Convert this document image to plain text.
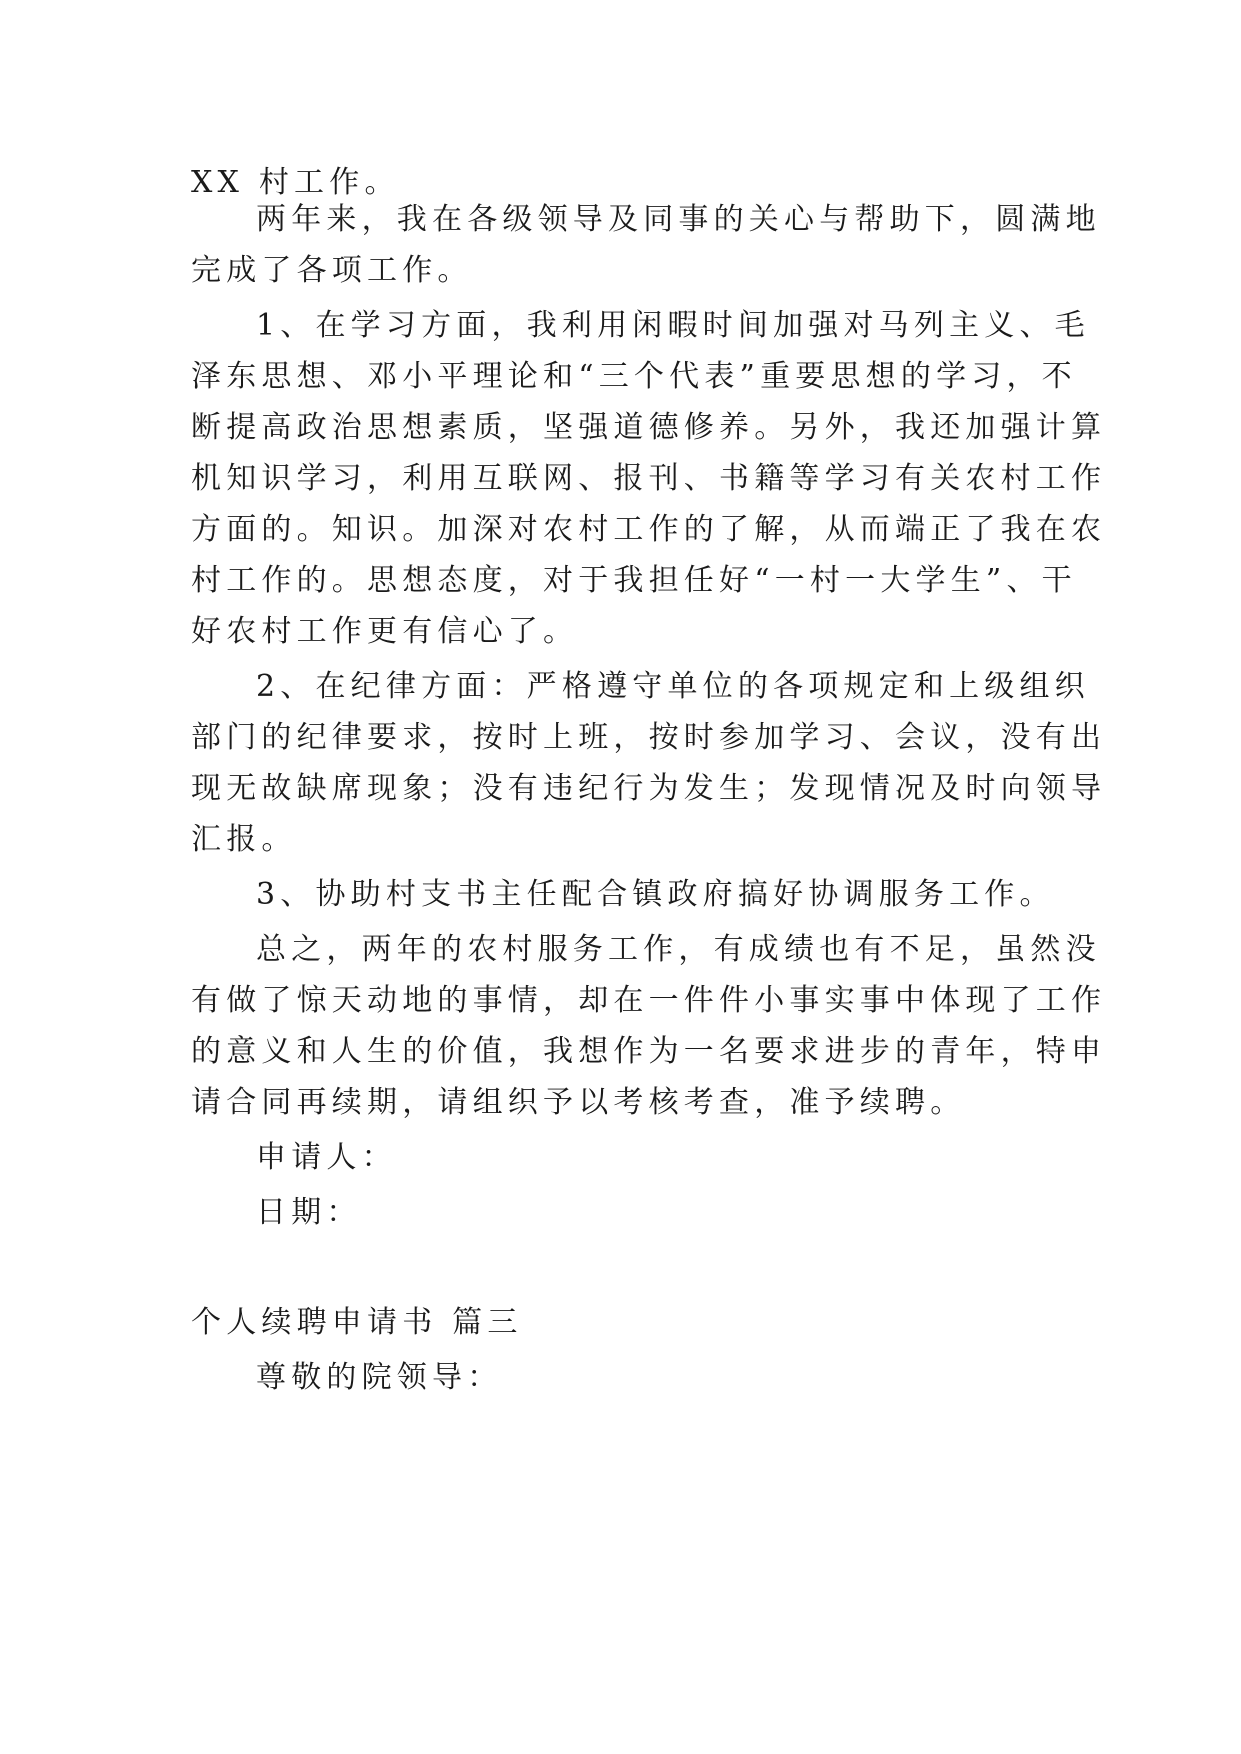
XX 村工作。
两年来，我在各级领导及同事的关心与帮助下，圆满地
完成了各项工作。
1、在学习方面，我利用闲暇时间加强对马列主义、毛
泽东思想、邓小平理论和“三个代表”重要思想的学习，不
断提高政治思想素质，坚强道德修养。另外，我还加强计算
机知识学习，利用互联网、报刊、书籍等学习有关农村工作
方面的。知识。加深对农村工作的了解，从而端正了我在农
村工作的。思想态度，对于我担任好“一村一大学生”、干
好农村工作更有信心了。
2、在纪律方面：严格遵守单位的各项规定和上级组织
部门的纪律要求，按时上班，按时参加学习、会议，没有出
现无故缺席现象；没有违纪行为发生；发现情况及时向领导
汇报。
3、协助村支书主任配合镇政府搞好协调服务工作。
总之，两年的农村服务工作，有成绩也有不足，虽然没
有做了惊天动地的事情，却在一件件小事实事中体现了工作
的意义和人生的价值，我想作为一名要求进步的青年，特申
请合同再续期，请组织予以考核考查，准予续聘。
申请人：
日期：
个人续聘申请书 篇三
尊敬的院领导：
